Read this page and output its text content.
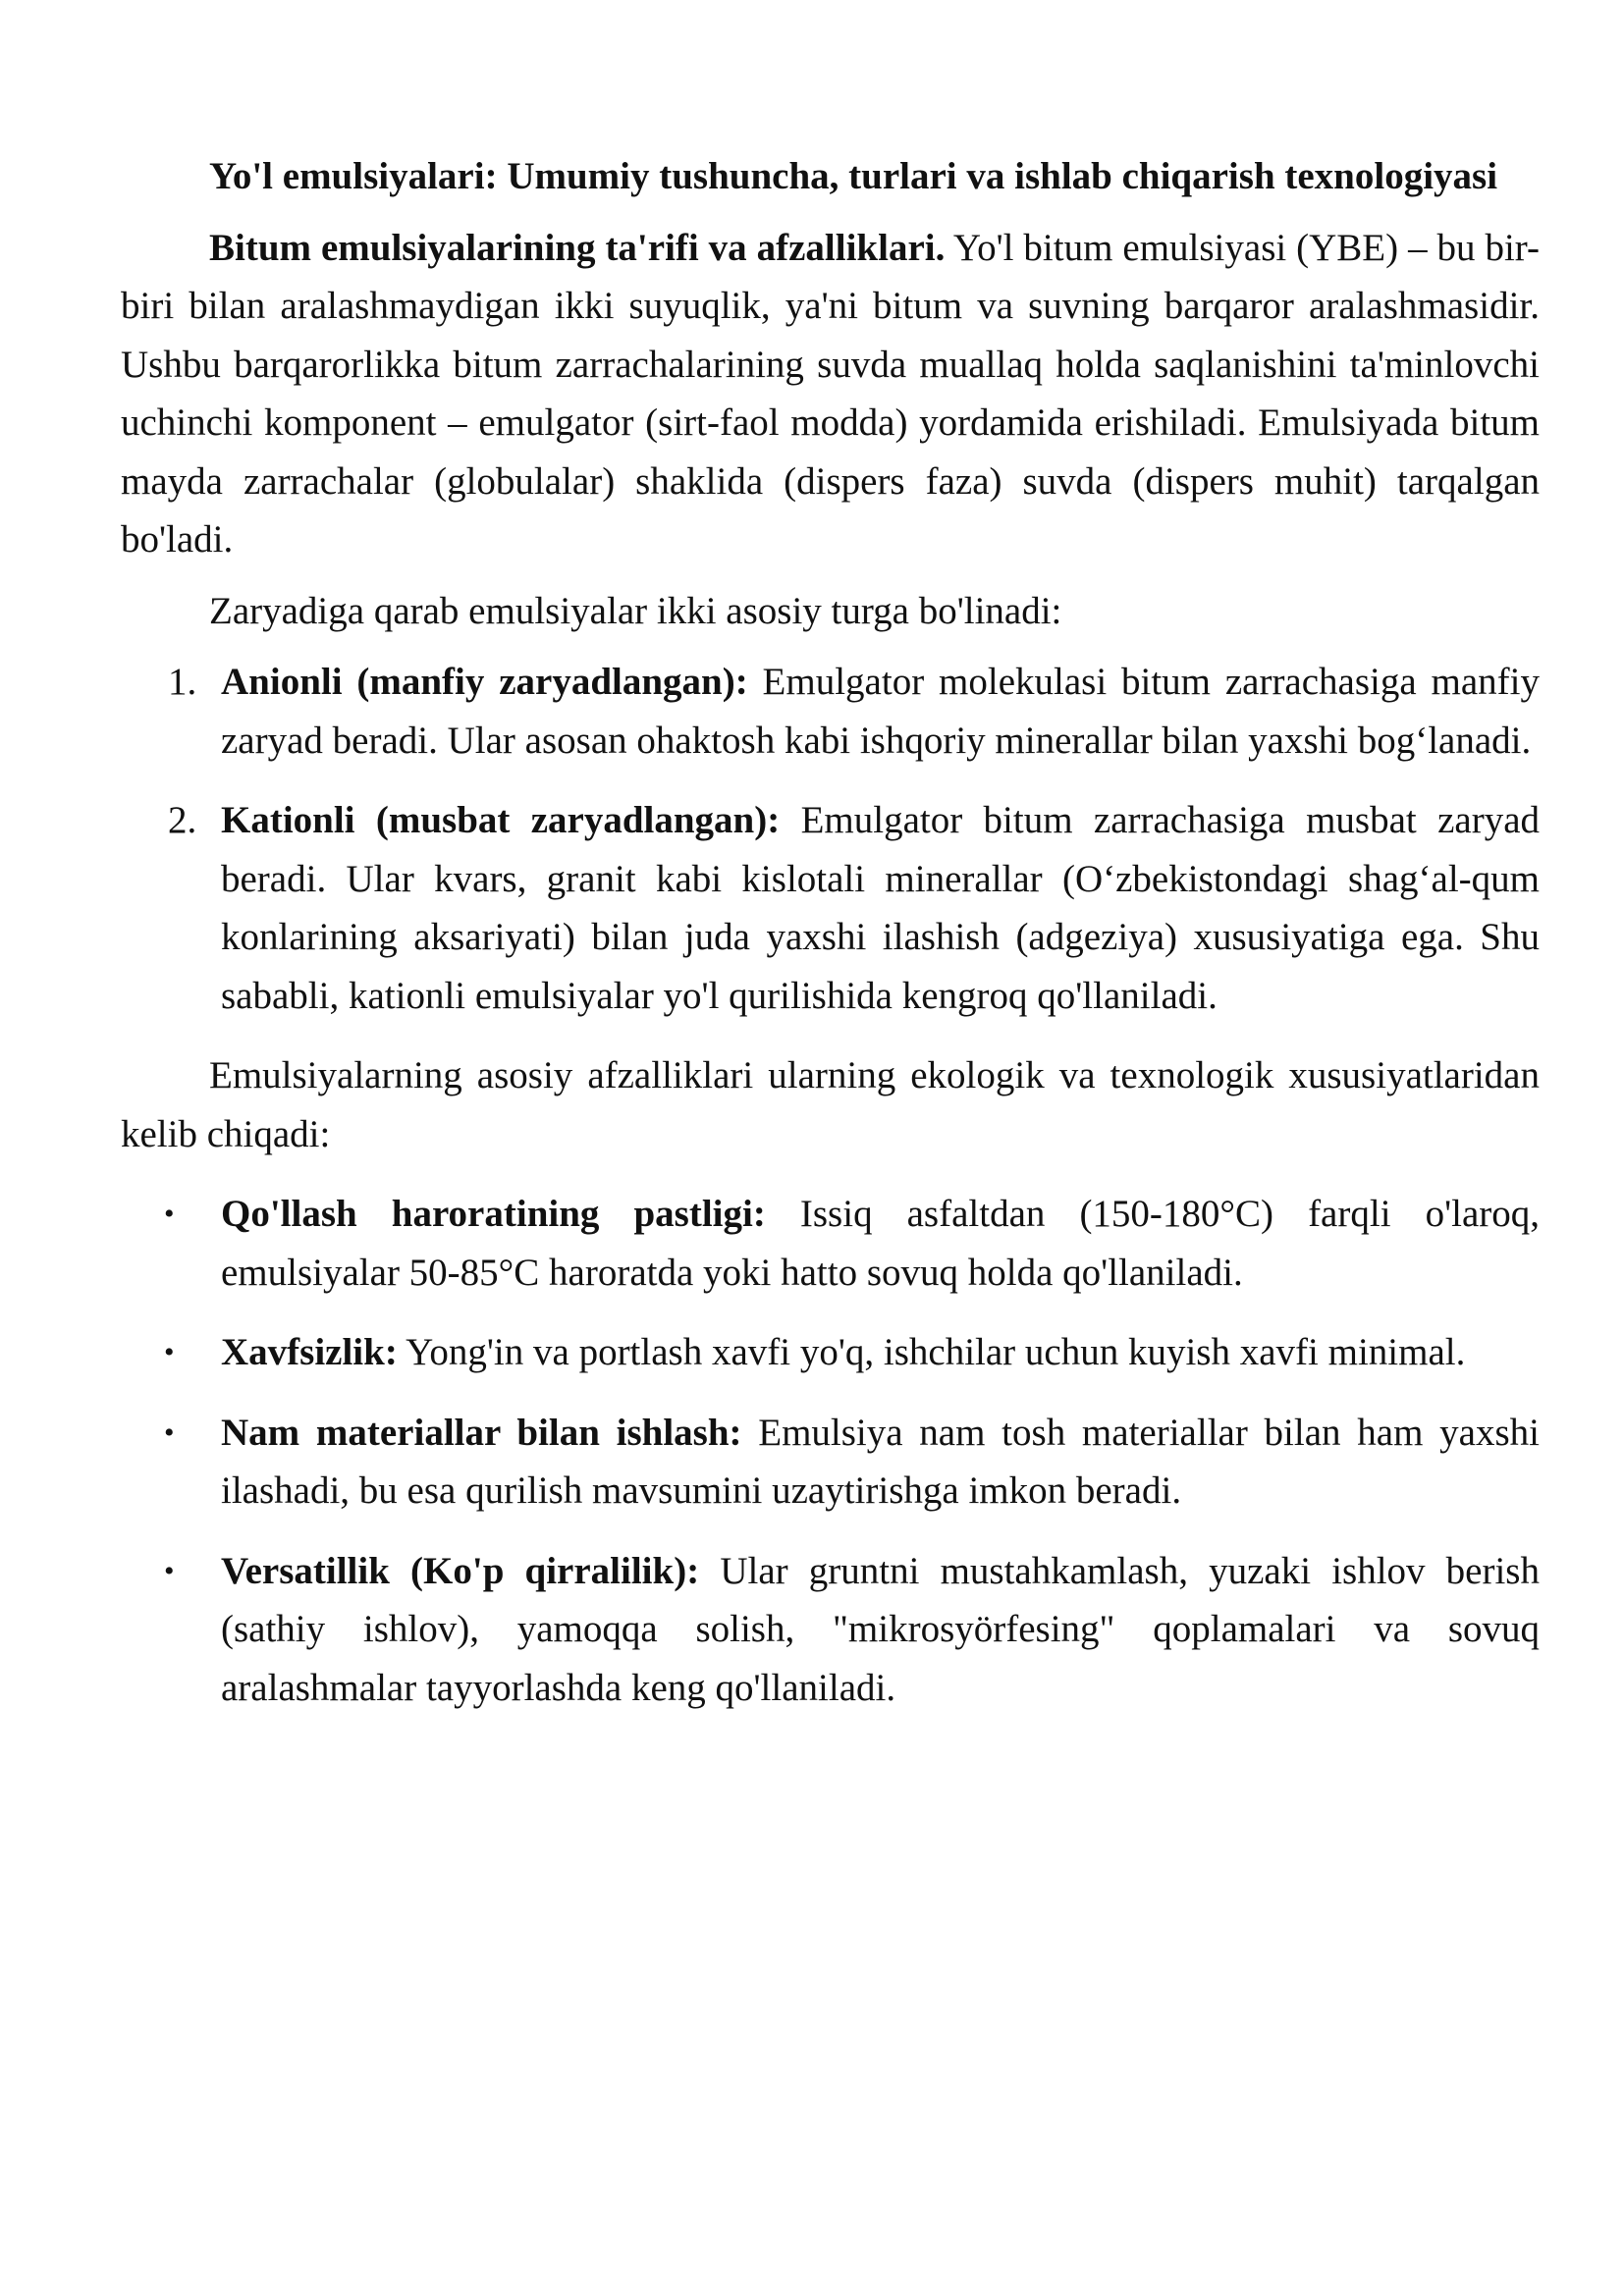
Yo'l emulsiyalari: Umumiy tushuncha, turlari va ishlab chiqarish texnologiyasi

Bitum emulsiyalarining ta'rifi va afzalliklari. Yo'l bitum emulsiyasi (YBE) – bu bir-biri bilan aralashmaydigan ikki suyuqlik, ya'ni bitum va suvning barqaror aralashmasidir. Ushbu barqarorlikka bitum zarrachalarining suvda muallaq holda saqlanishini ta'minlovchi uchinchi komponent – emulgator (sirt-faol modda) yordamida erishiladi. Emulsiyada bitum mayda zarrachalar (globulalar) shaklida (dispers faza) suvda (dispers muhit) tarqalgan bo'ladi.

Zaryadiga qarab emulsiyalar ikki asosiy turga bo'linadi:

1. Anionli (manfiy zaryadlangan): Emulgator molekulasi bitum zarrachasiga manfiy zaryad beradi. Ular asosan ohaktosh kabi ishqoriy minerallar bilan yaxshi bog‘lanadi.
2. Kationli (musbat zaryadlangan): Emulgator bitum zarrachasiga musbat zaryad beradi. Ular kvars, granit kabi kislotali minerallar (O‘zbekistondagi shag‘al-qum konlarining aksariyati) bilan juda yaxshi ilashish (adgeziya) xususiyatiga ega. Shu sababli, kationli emulsiyalar yo'l qurilishida kengroq qo'llaniladi.

Emulsiyalarning asosiy afzalliklari ularning ekologik va texnologik xususiyatlaridan kelib chiqadi:

• Qo'llash haroratining pastligi: Issiq asfaltdan (150-180°C) farqli o'laroq, emulsiyalar 50-85°C haroratda yoki hatto sovuq holda qo'llaniladi.
• Xavfsizlik: Yong'in va portlash xavfi yo'q, ishchilar uchun kuyish xavfi minimal.
• Nam materiallar bilan ishlash: Emulsiya nam tosh materiallar bilan ham yaxshi ilashadi, bu esa qurilish mavsumini uzaytirishga imkon beradi.
• Versatillik (Ko'p qirralilik): Ular gruntni mustahkamlash, yuzaki ishlov berish (sathiy ishlov), yamoqqa solish, "mikrosyörfesing" qoplamalari va sovuq aralashmalar tayyorlashda keng qo'llaniladi.
